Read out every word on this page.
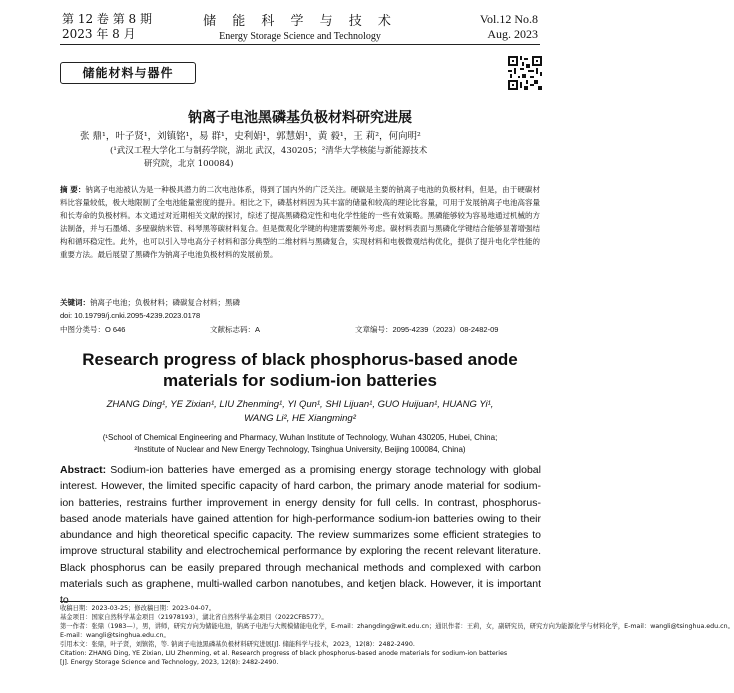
第 12 卷 第 8 期
2023 年 8 月
储 能 科 学 与 技 术
Energy Storage Science and Technology
Vol.12 No.8
Aug. 2023
储能材料与器件
钠离子电池黑磷基负极材料研究进展
张 鼎¹，叶子贤¹，刘镇铭¹，易 群¹，史利娟¹，郭慧娟¹，黄 毅¹，王 莉²，何向明²
(¹武汉工程大学化工与制药学院，湖北 武汉，430205；²清华大学核能与新能源技术
研究院，北京 100084)
摘 要：钠离子电池被认为是一种极具潜力的二次电池体系，得到了国内外的广泛关注。硬碳是主要的钠离子电池的负极材料，但是，由于硬碳材料比容量较低，极大地限制了全电池能量密度的提升。相比之下，磷基材料因为其丰富的储量和较高的理论比容量，可用于发展钠离子电池高容量和长寿命的负极材料。本文通过对近期相关文献的探讨，综述了提高黑磷稳定性和电化学性能的一些有效策略。黑磷能够较为容易地通过机械的方法制备，并与石墨烯、多壁碳纳米管、科琴黑等碳材料复合。但是微观化学键的构建需要额外考虑。碳材料表面与黑磷化学键结合能够显著增强结构和循环稳定性。此外，也可以引入导电高分子材料和部分典型的二维材料与黑磷复合，实现材料和电极微观结构优化，提供了提升电化学性能的重要方法。最后展望了黑磷作为钠离子电池负极材料的发展前景。
关键词：钠离子电池；负极材料；磷碳复合材料；黑磷
doi: 10.19799/j.cnki.2095-4239.2023.0178
中图分类号：O 646	文献标志码：A	文章编号：2095-4239（2023）08-2482-09
Research progress of black phosphorus-based anode
materials for sodium-ion batteries
ZHANG Ding¹, YE Zixian¹, LIU Zhenming¹, YI Qun¹, SHI Lijuan¹, GUO Huijuan¹, HUANG Yi¹,
WANG Li², HE Xiangming²
(¹School of Chemical Engineering and Pharmacy, Wuhan Institute of Technology, Wuhan 430205, Hubei, China;
²Institute of Nuclear and New Energy Technology, Tsinghua University, Beijing 100084, China)
Abstract: Sodium-ion batteries have emerged as a promising energy storage technology with global interest. However, the limited specific capacity of hard carbon, the primary anode material for sodium-ion batteries, restrains further improvement in energy density for full cells. In contrast, phosphorus-based anode materials have gained attention for high-performance sodium-ion batteries owing to their abundance and high theoretical specific capacity. The review summarizes some efficient strategies to improve structural stability and electrochemical performance by exploring the recent relevant literature. Black phosphorus can be easily prepared through mechanical methods and complexed with carbon materials such as graphene, multi-walled carbon nanotubes, and ketjen black. However, it is important to
收稿日期：2023-03-25；修改稿日期：2023-04-07。
基金项目：国家自然科学基金项目（21978193），湖北省自然科学基金项目（2022CFB577）。
第一作者：张鼎（1983—），男，讲师，研究方向为储能电池，钠离子电池与大规模储能电化学，E-mail：zhangding@wit.edu.cn；通讯作者：王莉，女，副研究员，研究方向为能源化学与材料化学，E-mail：wangli@tsinghua.edu.cn。
E-mail：wangli@tsinghua.edu.cn。
引用本文：张鼎，叶子贤，刘镇铭，等. 钠离子电池黑磷基负极材料研究进展[J]. 储能科学与技术，2023，12(8)：2482-2490.
Citation: ZHANG Ding, YE Zixian, LIU Zhenming, et al. Research progress of black phosphorus-based anode materials for sodium-ion batteries
[J]. Energy Storage Science and Technology, 2023, 12(8): 2482-2490.
